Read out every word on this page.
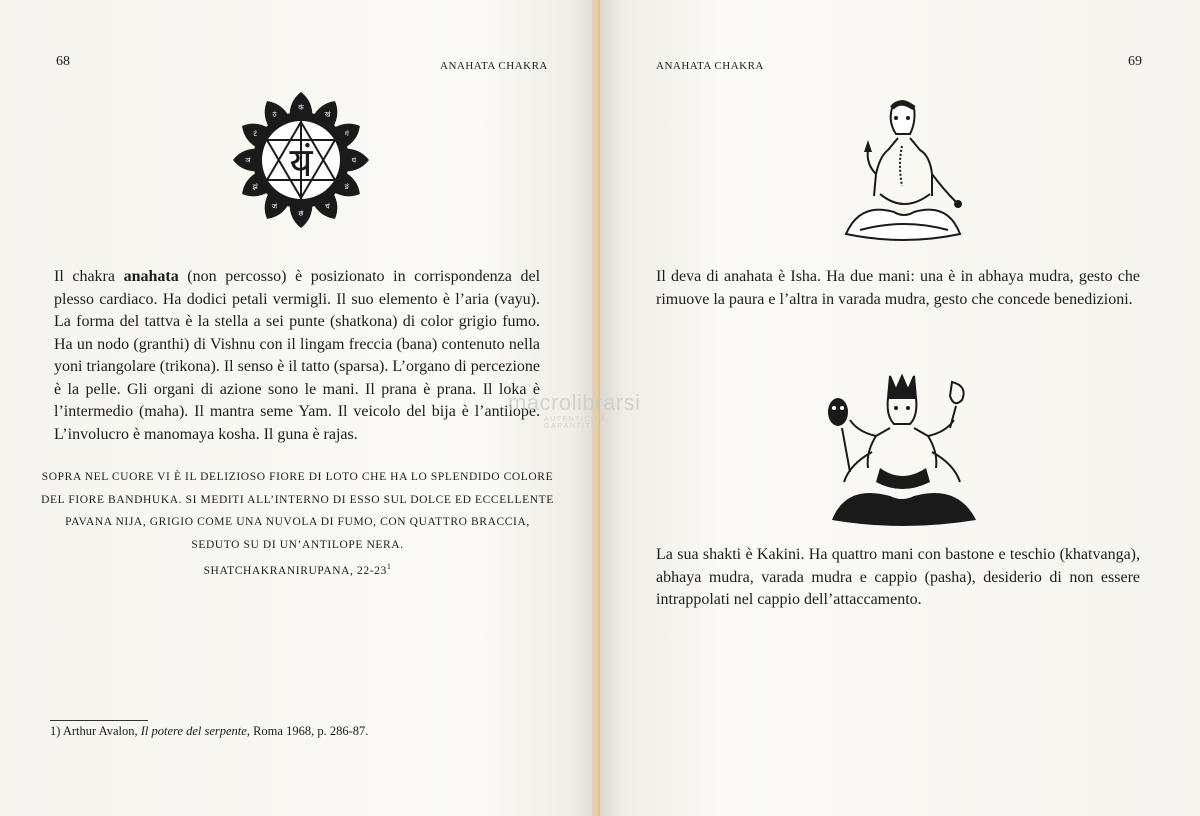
68	ANAHATA CHAKRA
यं
कं
खं
गं
घं
ङं
चं
छं
जं
झं
ञं
टं
ठं

Il chakra anahata (non percosso) è posizionato in corrispondenza del plesso cardiaco. Ha dodici petali vermigli. Il suo elemento è l’aria (vayu). La forma del tattva è la stella a sei punte (shatkona) di color grigio fumo. Ha un nodo (granthi) di Vishnu con il lingam freccia (bana) contenuto nella yoni triangolare (trikona). Il senso è il tatto (sparsa). L’organo di percezione è la pelle. Gli organi di azione sono le mani. Il prana è prana. Il loka è l’intermedio (maha). Il mantra seme Yam. Il veicolo del bija è l’antilope. L’involucro è manomaya kosha. Il guna è rajas.

SOPRA NEL CUORE VI È IL DELIZIOSO FIORE DI LOTO CHE HA LO SPLENDIDO COLORE

DEL FIORE BANDHUKA. SI MEDITI ALL’INTERNO DI ESSO SUL DOLCE ED ECCELLENTE

PAVANA NIJA, GRIGIO COME UNA NUVOLA DI FUMO, CON QUATTRO BRACCIA,

SEDUTO SU DI UN’ANTILOPE NERA.

SHATCHAKRANIRUPANA, $22-23^1$

1) Arthur Avalon, Il potere del serpente, Roma 1968, p. 286-87.
ANAHATA CHAKRA	69

Il deva di anahata è Isha. Ha due mani: una è in abhaya mudra, gesto che rimuove la paura e l’altra in varada mudra, gesto che concede benedizioni.

La sua shakti è Kakini. Ha quattro mani con bastone e teschio (khatvanga), abhaya mudra, varada mudra e cappio (pasha), desiderio di non essere intrappolati nel cappio dell’attaccamento.

macrolibrarsi
AUTENTICITÀ GARANTITA
